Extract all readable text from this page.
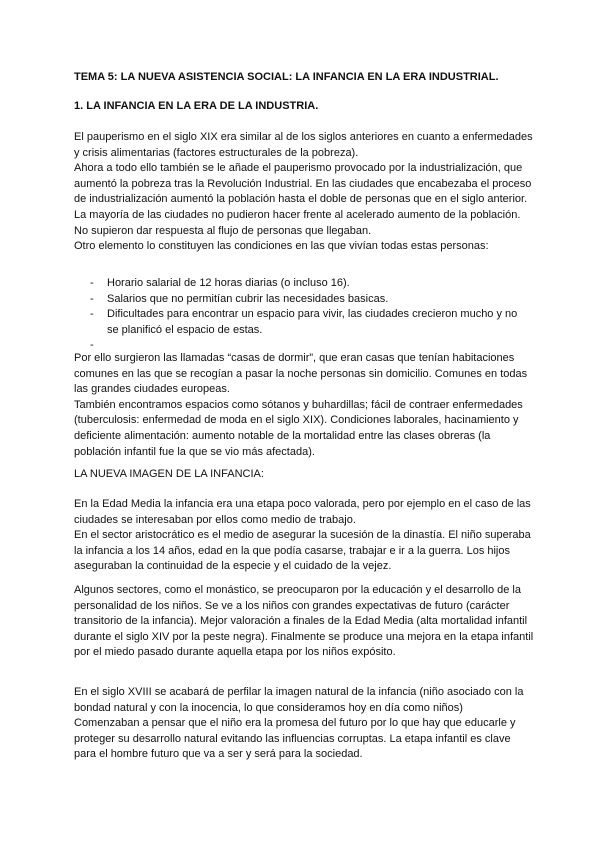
TEMA 5: LA NUEVA ASISTENCIA SOCIAL: LA INFANCIA EN LA ERA INDUSTRIAL.
1. LA INFANCIA EN LA ERA DE LA INDUSTRIA.

El pauperismo en el siglo XIX era similar al de los siglos anteriores en cuanto a enfermedades y crisis alimentarias (factores estructurales de la pobreza).

Ahora a todo ello también se le añade el pauperismo provocado por la industrialización, que aumentó la pobreza tras la Revolución Industrial. En las ciudades que encabezaba el proceso de industrialización aumentó la población hasta el doble de personas que en el siglo anterior.

La mayoría de las ciudades no pudieron hacer frente al acelerado aumento de la población. No supieron dar respuesta al flujo de personas que llegaban.

Otro elemento lo constituyen las condiciones en las que vivían todas estas personas:

- Horario salarial de 12 horas diarias (o incluso 16).
- Salarios que no permitían cubrir las necesidades basicas.
- Dificultades para encontrar un espacio para vivir, las ciudades crecieron mucho y no se planificó el espacio de estas.
-

Por ello surgieron las llamadas “casas de dormir”, que eran casas que tenían habitaciones comunes en las que se recogían a pasar la noche personas sin domicilio. Comunes en todas las grandes ciudades europeas.

También encontramos espacios como sótanos y buhardillas; fácil de contraer enfermedades (tuberculosis: enfermedad de moda en el siglo XIX). Condiciones laborales, hacinamiento y deficiente alimentación: aumento notable de la mortalidad entre las clases obreras (la población infantil fue la que se vio más afectada).

LA NUEVA IMAGEN DE LA INFANCIA:

En la Edad Media la infancia era una etapa poco valorada, pero por ejemplo en el caso de las ciudades se interesaban por ellos como medio de trabajo.

En el sector aristocrático es el medio de asegurar la sucesión de la dinastía. El niño superaba la infancia a los 14 años, edad en la que podía casarse, trabajar e ir a la guerra. Los hijos aseguraban la continuidad de la especie y el cuidado de la vejez.

Algunos sectores, como el monástico, se preocuparon por la educación y el desarrollo de la personalidad de los niños. Se ve a los niños con grandes expectativas de futuro (carácter transitorio de la infancia). Mejor valoración a finales de la Edad Media (alta mortalidad infantil durante el siglo XIV por la peste negra). Finalmente se produce una mejora en la etapa infantil por el miedo pasado durante aquella etapa por los niños expósito.

En el siglo XVIII se acabará de perfilar la imagen natural de la infancia (niño asociado con la bondad natural y con la inocencia, lo que consideramos hoy en día como niños)

Comenzaban a pensar que el niño era la promesa del futuro por lo que hay que educarle y proteger su desarrollo natural evitando las influencias corruptas. La etapa infantil es clave para el hombre futuro que va a ser y será para la sociedad.
